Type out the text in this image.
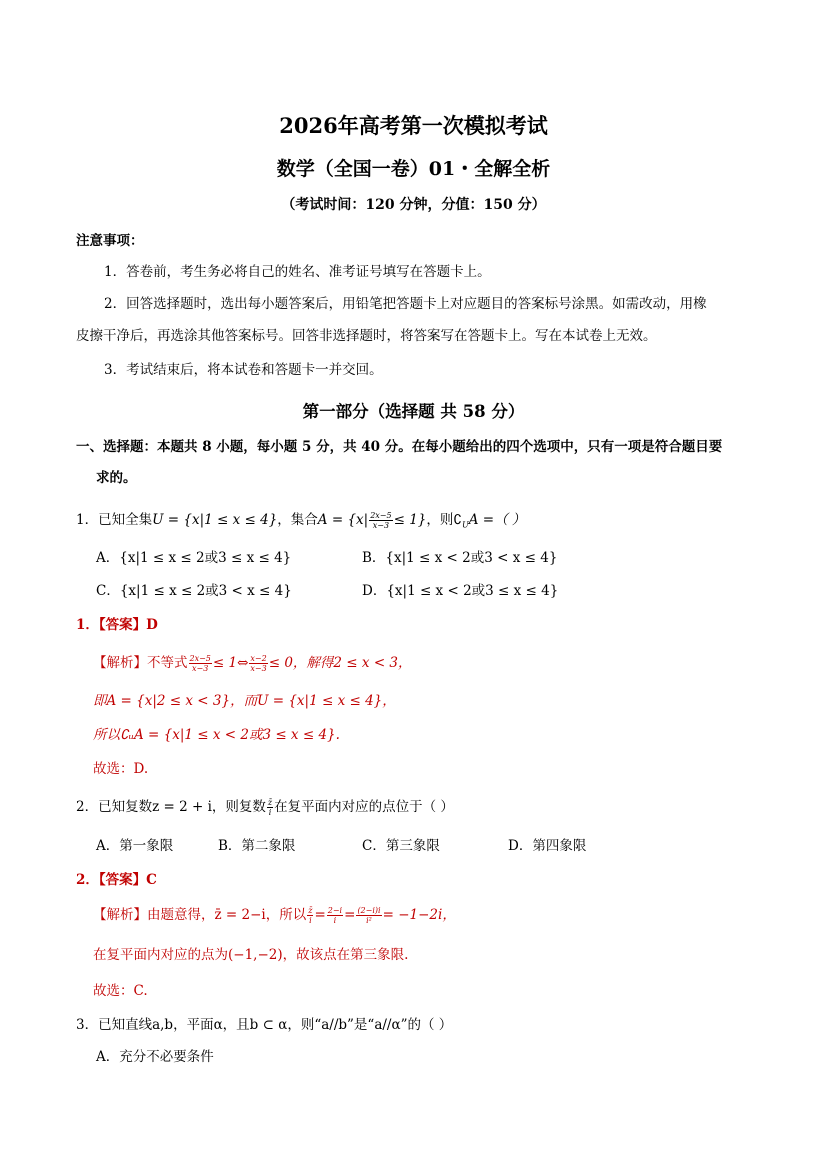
2026年高考第一次模拟考试
数学（全国一卷）01・全解全析
（考试时间：120 分钟，分值：150 分）
注意事项：
1．答卷前，考生务必将自己的姓名、准考证号填写在答题卡上。
2．回答选择题时，选出每小题答案后，用铅笔把答题卡上对应题目的答案标号涂黑。如需改动，用橡
皮擦干净后，再选涂其他答案标号。回答非选择题时，将答案写在答题卡上。写在本试卷上无效。
3．考试结束后，将本试卷和答题卡一并交回。
第一部分（选择题 共 58 分）
一、选择题：本题共 8 小题，每小题 5 分，共 40 分。在每小题给出的四个选项中，只有一项是符合题目要
求的。
1．已知全集U = {x|1 ≤ x ≤ 4}，集合$A = \{x| \frac{2x-5}{x-3} \le 1\}$，则$∁_UA$ =（ ）
A．{x|1 ≤ x ≤ 2或3 ≤ x ≤ 4}	B．{x|1 ≤ x < 2或3 < x ≤ 4}
C．{x|1 ≤ x ≤ 2或3 < x ≤ 4}	D．{x|1 ≤ x < 2或3 ≤ x ≤ 4}
1．【答案】D
【解析】不等式 $\frac{2x-5}{x-3}$ ≤ 1⇔ $\frac{x-2}{x-3} \le 0$，解得2 ≤ x < 3，
即A = {x|2 ≤ x < 3}，而U = {x|1 ≤ x ≤ 4}，
所以∁ᵤA = {x|1 ≤ x < 2或3 ≤ x ≤ 4}.
故选：D.
2．已知复数z = 2 + i，则复数 $\frac{z̄}{i}$ 在复平面内对应的点位于（ ）
A．第一象限	B．第二象限	C．第三象限	D．第四象限
2．【答案】C
【解析】由题意得，z̄ = 2−i，所以 $\frac{z̄}{i} = \frac{2-i}{i} = \frac{(2-i)i}{\text{i²}} = -1-2i$，
在复平面内对应的点为(−1,−2)，故该点在第三象限.
故选：C.
3．已知直线a,b，平面α，且b ⊂ α，则“a//b”是“a//α”的（ ）
A．充分不必要条件
